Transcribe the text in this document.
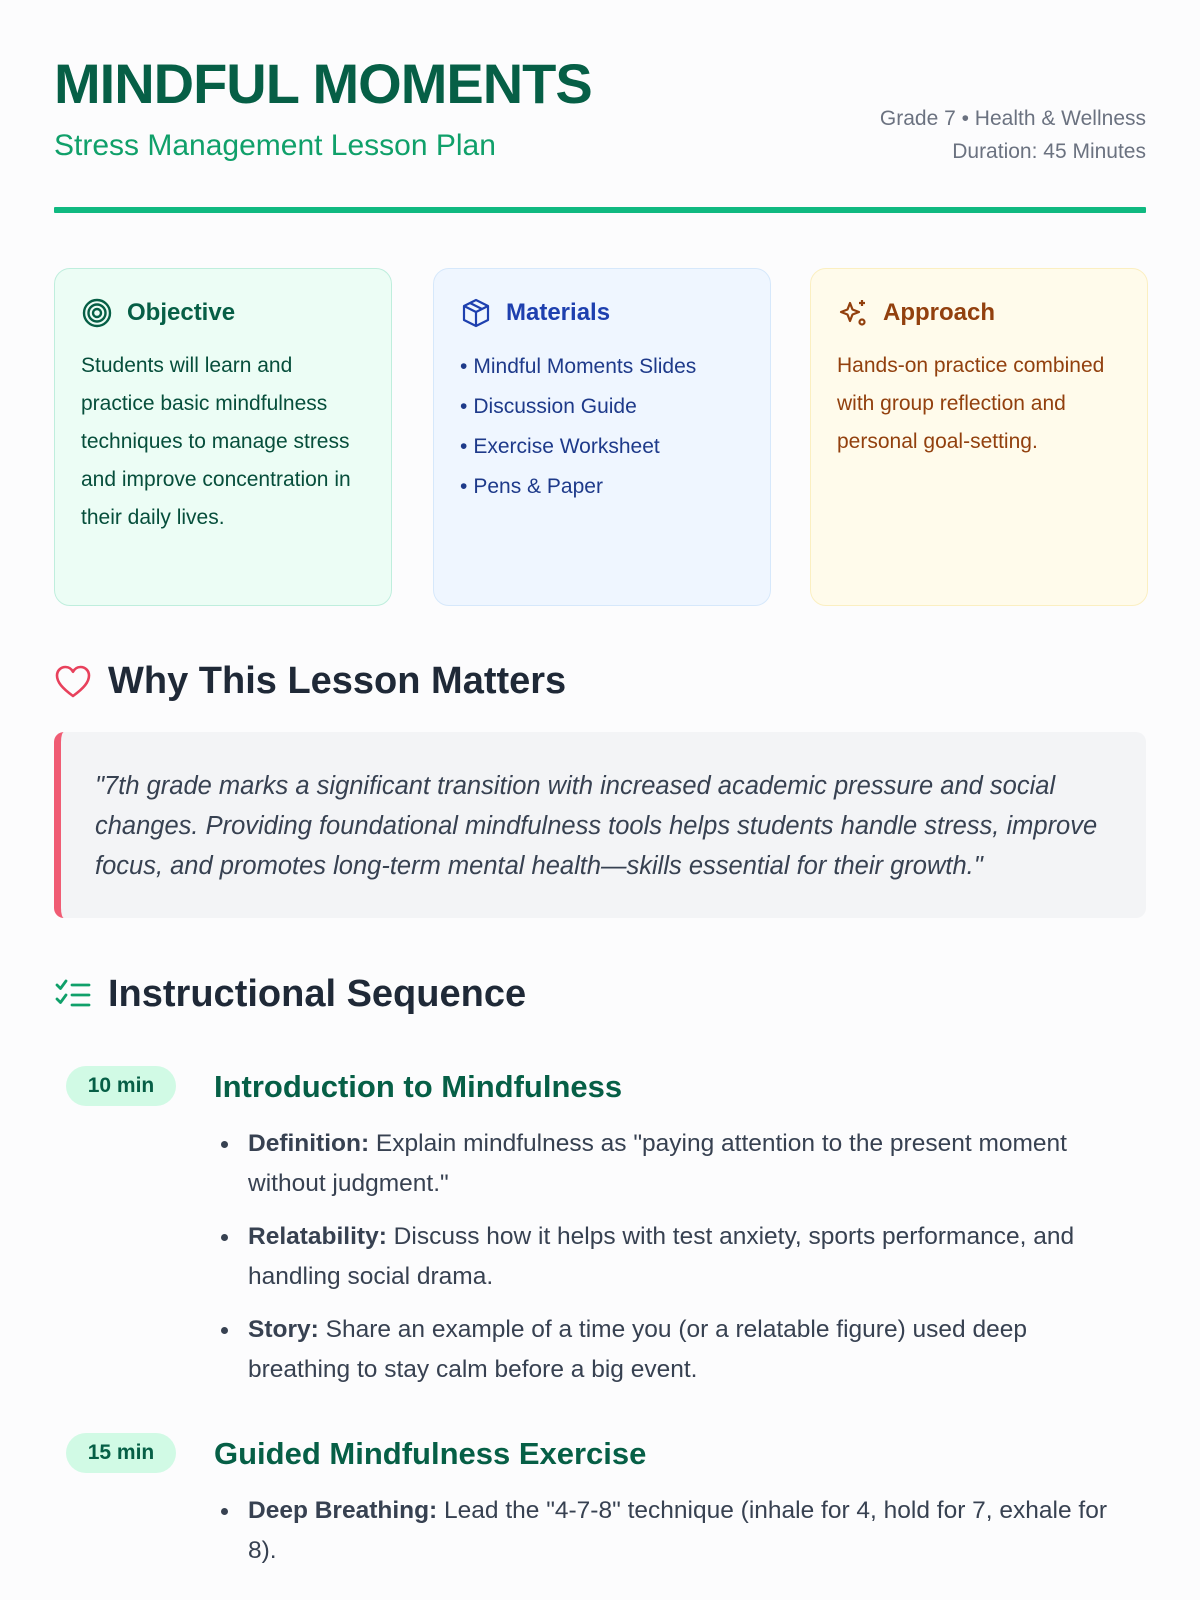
MINDFUL MOMENTS
Stress Management Lesson Plan
Grade 7 • Health & Wellness
Duration: 45 Minutes
Objective
Students will learn and practice basic mindfulness techniques to manage stress and improve concentration in their daily lives.
Materials
• Mindful Moments Slides
• Discussion Guide
• Exercise Worksheet
• Pens & Paper
Approach
Hands-on practice combined with group reflection and personal goal-setting.
Why This Lesson Matters
"7th grade marks a significant transition with increased academic pressure and social changes. Providing foundational mindfulness tools helps students handle stress, improve focus, and promotes long-term mental health—skills essential for their growth."
Instructional Sequence
10 min	Introduction to Mindfulness
Definition: Explain mindfulness as "paying attention to the present moment without judgment."
Relatability: Discuss how it helps with test anxiety, sports performance, and handling social drama.
Story: Share an example of a time you (or a relatable figure) used deep breathing to stay calm before a big event.
15 min	Guided Mindfulness Exercise
Deep Breathing: Lead the "4-7-8" technique (inhale for 4, hold for 7, exhale for 8).
